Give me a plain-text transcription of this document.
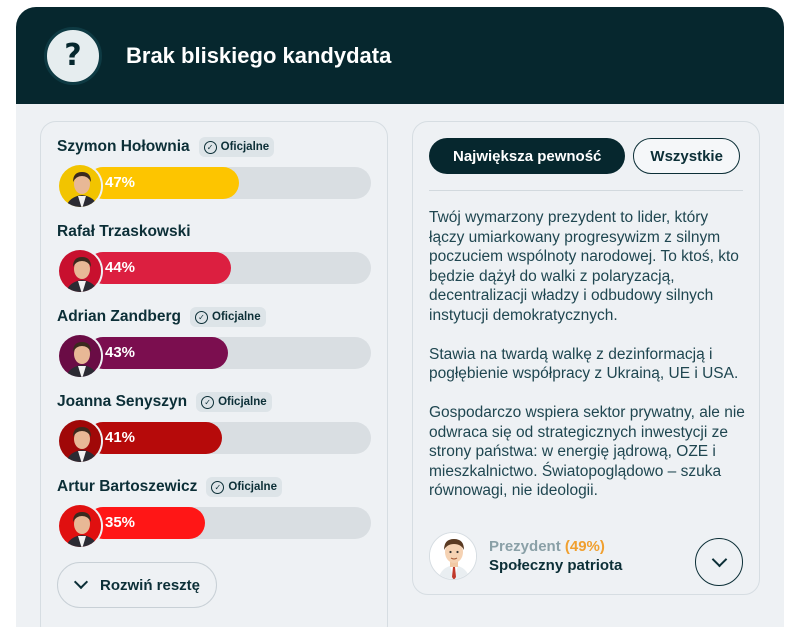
? Brak bliskiego kandydata
Szymon Hołownia	✓ Oficjalne
47%
Rafał Trzaskowski
44%
Adrian Zandberg	✓ Oficjalne
43%
Joanna Senyszyn	✓ Oficjalne
41%
Artur Bartoszewicz	✓ Oficjalne
35%
Rozwiń resztę
Największa pewność	Wszystkie

Twój wymarzony prezydent to lider, który łączy umiarkowany progresywizm z silnym poczuciem wspólnoty narodowej. To ktoś, kto będzie dążył do walki z polaryzacją, decentralizacji władzy i odbudowy silnych instytucji demokratycznych.

Stawia na twardą walkę z dezinformacją i pogłębienie współpracy z Ukrainą, UE i USA.

Gospodarczo wspiera sektor prywatny, ale nie odwraca się od strategicznych inwestycji ze strony państwa: w energię jądrową, OZE i mieszkalnictwo. Światopoglądowo – szuka równowagi, nie ideologii.

Prezydent (49%)
Społeczny patriota
